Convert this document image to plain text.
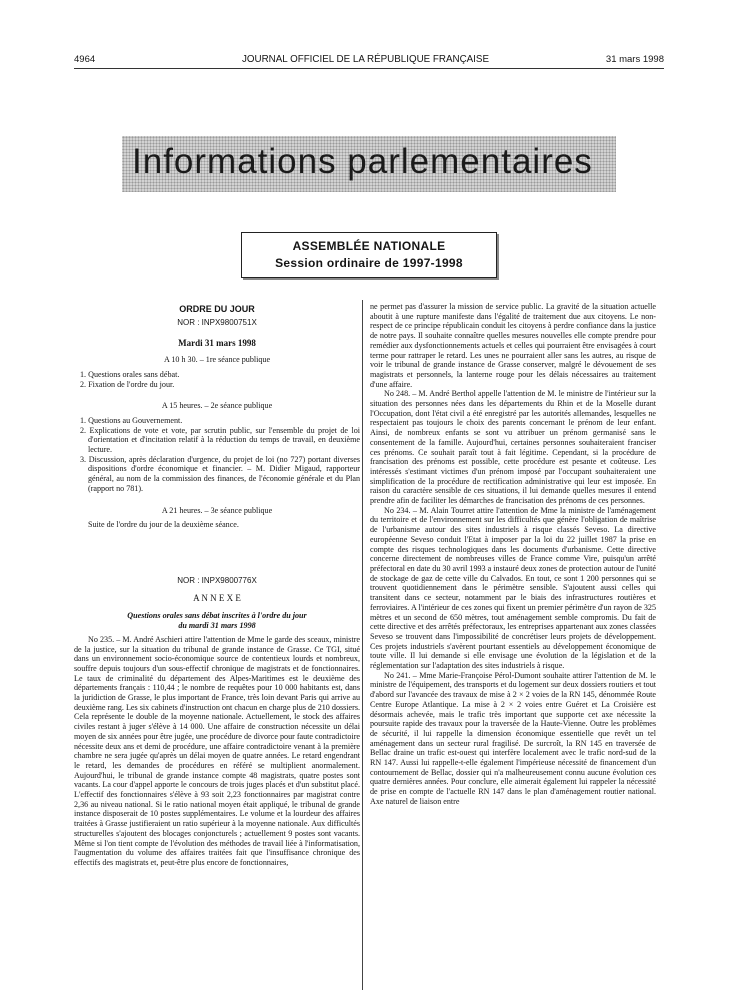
4964	JOURNAL OFFICIEL DE LA RÉPUBLIQUE FRANÇAISE	31 mars 1998
Informations parlementaires
ASSEMBLÉE NATIONALE
Session ordinaire de 1997-1998

ORDRE DU JOUR

NOR : INPX9800751X

Mardi 31 mars 1998

A 10 h 30. – 1re séance publique

1. Questions orales sans débat.

2. Fixation de l'ordre du jour.

A 15 heures. – 2e séance publique

1. Questions au Gouvernement.

2. Explications de vote et vote, par scrutin public, sur l'ensemble du projet de loi d'orientation et d'incitation relatif à la réduction du temps de travail, en deuxième lecture.

3. Discussion, après déclaration d'urgence, du projet de loi (no 727) portant diverses dispositions d'ordre économique et financier. – M. Didier Migaud, rapporteur général, au nom de la commission des finances, de l'économie générale et du Plan (rapport no 781).

A 21 heures. – 3e séance publique

Suite de l'ordre du jour de la deuxième séance.

NOR : INPX9800776X

A N N E X E

Questions orales sans débat inscrites à l'ordre du jour

du mardi 31 mars 1998

No 235. – M. André Aschieri attire l'attention de Mme le garde des sceaux, ministre de la justice, sur la situation du tribunal de grande instance de Grasse. Ce TGI, situé dans un environnement socio-économique source de contentieux lourds et nombreux, souffre depuis toujours d'un sous-effectif chronique de magistrats et de fonctionnaires. Le taux de criminalité du département des Alpes-Maritimes est le deuxième des départements français : 110,44 ; le nombre de requêtes pour 10 000 habitants est, dans la juridiction de Grasse, le plus important de France, très loin devant Paris qui arrive au deuxième rang. Les six cabinets d'instruction ont chacun en charge plus de 210 dossiers. Cela représente le double de la moyenne nationale. Actuellement, le stock des affaires civiles restant à juger s'élève à 14 000. Une affaire de construction nécessite un délai moyen de six années pour être jugée, une procédure de divorce pour faute contradictoire nécessite deux ans et demi de procédure, une affaire contradictoire venant à la première chambre ne sera jugée qu'après un délai moyen de quatre années. Le retard engendrant le retard, les demandes de procédures en référé se multiplient anormalement. Aujourd'hui, le tribunal de grande instance compte 48 magistrats, quatre postes sont vacants. La cour d'appel apporte le concours de trois juges placés et d'un substitut placé. L'effectif des fonctionnaires s'élève à 93 soit 2,23 fonctionnaires par magistrat contre 2,36 au niveau national. Si le ratio national moyen était appliqué, le tribunal de grande instance disposerait de 10 postes supplémentaires. Le volume et la lourdeur des affaires traitées à Grasse justifieraient un ratio supérieur à la moyenne nationale. Aux difficultés structurelles s'ajoutent des blocages conjoncturels ; actuellement 9 postes sont vacants. Même si l'on tient compte de l'évolution des méthodes de travail liée à l'informatisation, l'augmentation du volume des affaires traitées fait que l'insuffisance chronique des effectifs des magistrats et, peut-être plus encore de fonctionnaires,

ne permet pas d'assurer la mission de service public. La gravité de la situation actuelle aboutit à une rupture manifeste dans l'égalité de traitement due aux citoyens. Le non-respect de ce principe républicain conduit les citoyens à perdre confiance dans la justice de notre pays. Il souhaite connaître quelles mesures nouvelles elle compte prendre pour remédier aux dysfonctionnements actuels et celles qui pourraient être envisagées à court terme pour rattraper le retard. Les unes ne pourraient aller sans les autres, au risque de voir le tribunal de grande instance de Grasse conserver, malgré le dévouement de ses magistrats et personnels, la lanterne rouge pour les délais nécessaires au traitement d'une affaire.

No 248. – M. André Berthol appelle l'attention de M. le ministre de l'intérieur sur la situation des personnes nées dans les départements du Rhin et de la Moselle durant l'Occupation, dont l'état civil a été enregistré par les autorités allemandes, lesquelles ne respectaient pas toujours le choix des parents concernant le prénom de leur enfant. Ainsi, de nombreux enfants se sont vu attribuer un prénom germanisé sans le consentement de la famille. Aujourd'hui, certaines personnes souhaiteraient franciser ces prénoms. Ce souhait paraît tout à fait légitime. Cependant, si la procédure de francisation des prénoms est possible, cette procédure est pesante et coûteuse. Les intéressés s'estimant victimes d'un prénom imposé par l'occupant souhaiteraient une simplification de la procédure de rectification administrative qui leur est imposée. En raison du caractère sensible de ces situations, il lui demande quelles mesures il entend prendre afin de faciliter les démarches de francisation des prénoms de ces personnes.

No 234. – M. Alain Tourret attire l'attention de Mme la ministre de l'aménagement du territoire et de l'environnement sur les difficultés que génère l'obligation de maîtrise de l'urbanisme autour des sites industriels à risque classés Seveso. La directive européenne Seveso conduit l'Etat à imposer par la loi du 22 juillet 1987 la prise en compte des risques technologiques dans les documents d'urbanisme. Cette directive concerne directement de nombreuses villes de France comme Vire, puisqu'un arrêté préfectoral en date du 30 avril 1993 a instauré deux zones de protection autour de l'unité de stockage de gaz de cette ville du Calvados. En tout, ce sont 1 200 personnes qui se trouvent quotidiennement dans le périmètre sensible. S'ajoutent aussi celles qui transitent dans ce secteur, notamment par le biais des infrastructures routières et ferroviaires. A l'intérieur de ces zones qui fixent un premier périmètre d'un rayon de 325 mètres et un second de 650 mètres, tout aménagement semble compromis. Du fait de cette directive et des arrêtés préfectoraux, les entreprises appartenant aux zones classées Seveso se trouvent dans l'impossibilité de concrétiser leurs projets de développement. Ces projets industriels s'avèrent pourtant essentiels au développement économique de toute ville. Il lui demande si elle envisage une évolution de la législation et de la réglementation sur l'adaptation des sites industriels à risque.

No 241. – Mme Marie-Françoise Pérol-Dumont souhaite attirer l'attention de M. le ministre de l'équipement, des transports et du logement sur deux dossiers routiers et tout d'abord sur l'avancée des travaux de mise à 2 × 2 voies de la RN 145, dénommée Route Centre Europe Atlantique. La mise à 2 × 2 voies entre Guéret et La Croisière est désormais achevée, mais le trafic très important que supporte cet axe nécessite la poursuite rapide des travaux pour la traversée de la Haute-Vienne. Outre les problèmes de sécurité, il lui rappelle la dimension économique essentielle que revêt un tel aménagement dans un secteur rural fragilisé. De surcroît, la RN 145 en traversée de Bellac draine un trafic est-ouest qui interfère localement avec le trafic nord-sud de la RN 147. Aussi lui rappelle-t-elle également l'impérieuse nécessité de financement d'un contournement de Bellac, dossier qui n'a malheureusement connu aucune évolution ces quatre dernières années. Pour conclure, elle aimerait également lui rappeler la nécessité de prise en compte de l'actuelle RN 147 dans le plan d'aménagement routier national. Axe naturel de liaison entre
